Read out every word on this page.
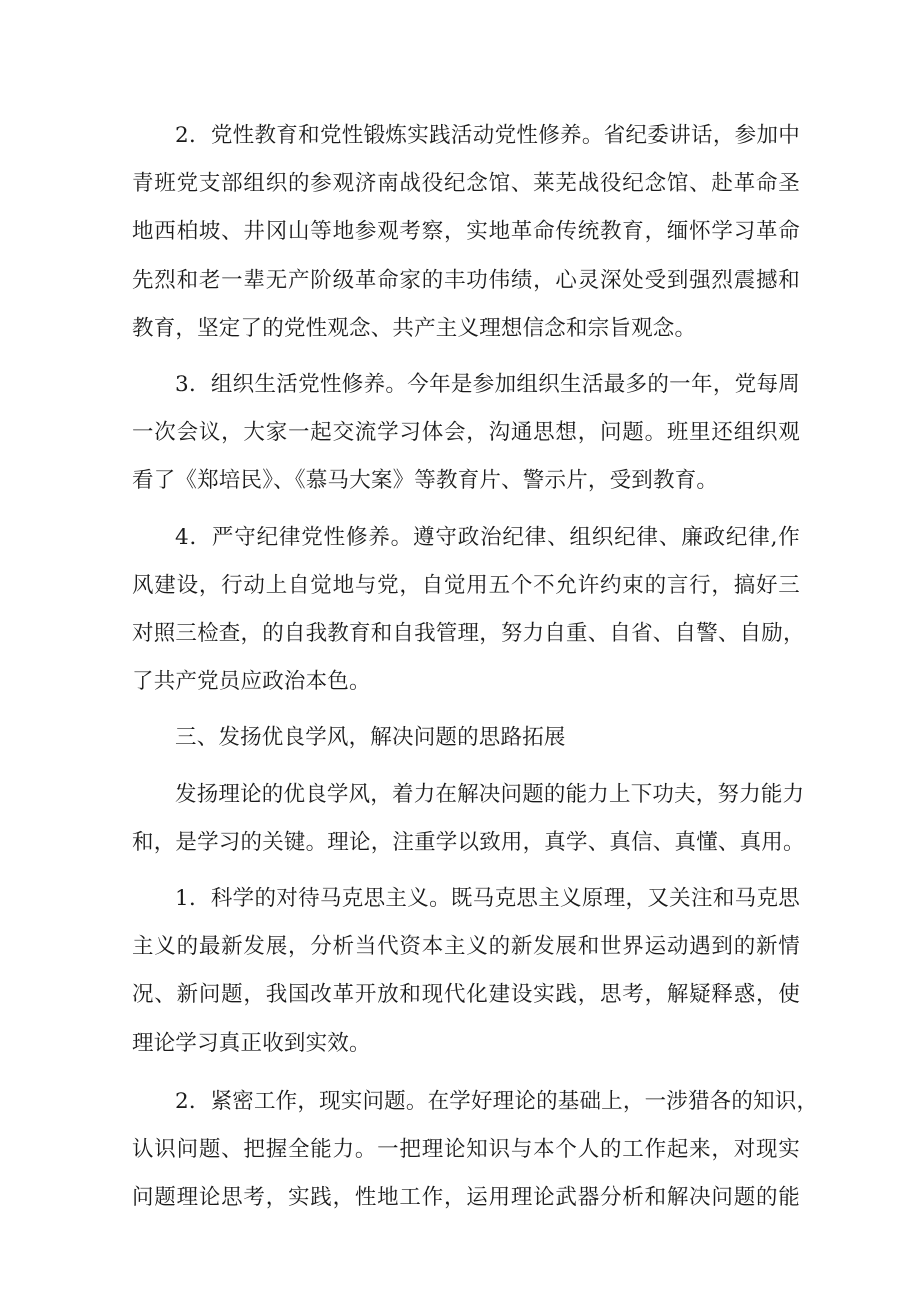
2．党性教育和党性锻炼实践活动党性修养。省纪委讲话，参加中
青班党支部组织的参观济南战役纪念馆、莱芜战役纪念馆、赴革命圣
地西柏坡、井冈山等地参观考察，实地革命传统教育，缅怀学习革命
先烈和老一辈无产阶级革命家的丰功伟绩，心灵深处受到强烈震撼和
教育，坚定了的党性观念、共产主义理想信念和宗旨观念。
3．组织生活党性修养。今年是参加组织生活最多的一年，党每周
一次会议，大家一起交流学习体会，沟通思想，问题。班里还组织观
看了《郑培民》、《慕马大案》等教育片、警示片，受到教育。
4．严守纪律党性修养。遵守政治纪律、组织纪律、廉政纪律,作
风建设，行动上自觉地与党，自觉用五个不允许约束的言行，搞好三
对照三检查，的自我教育和自我管理，努力自重、自省、自警、自励，
了共产党员应政治本色。
三、发扬优良学风，解决问题的思路拓展
发扬理论的优良学风，着力在解决问题的能力上下功夫，努力能力
和，是学习的关键。理论，注重学以致用，真学、真信、真懂、真用。
1．科学的对待马克思主义。既马克思主义原理，又关注和马克思
主义的最新发展，分析当代资本主义的新发展和世界运动遇到的新情
况、新问题，我国改革开放和现代化建设实践，思考，解疑释惑，使
理论学习真正收到实效。
2．紧密工作，现实问题。在学好理论的基础上，一涉猎各的知识，
认识问题、把握全能力。一把理论知识与本个人的工作起来，对现实
问题理论思考，实践，性地工作，运用理论武器分析和解决问题的能
